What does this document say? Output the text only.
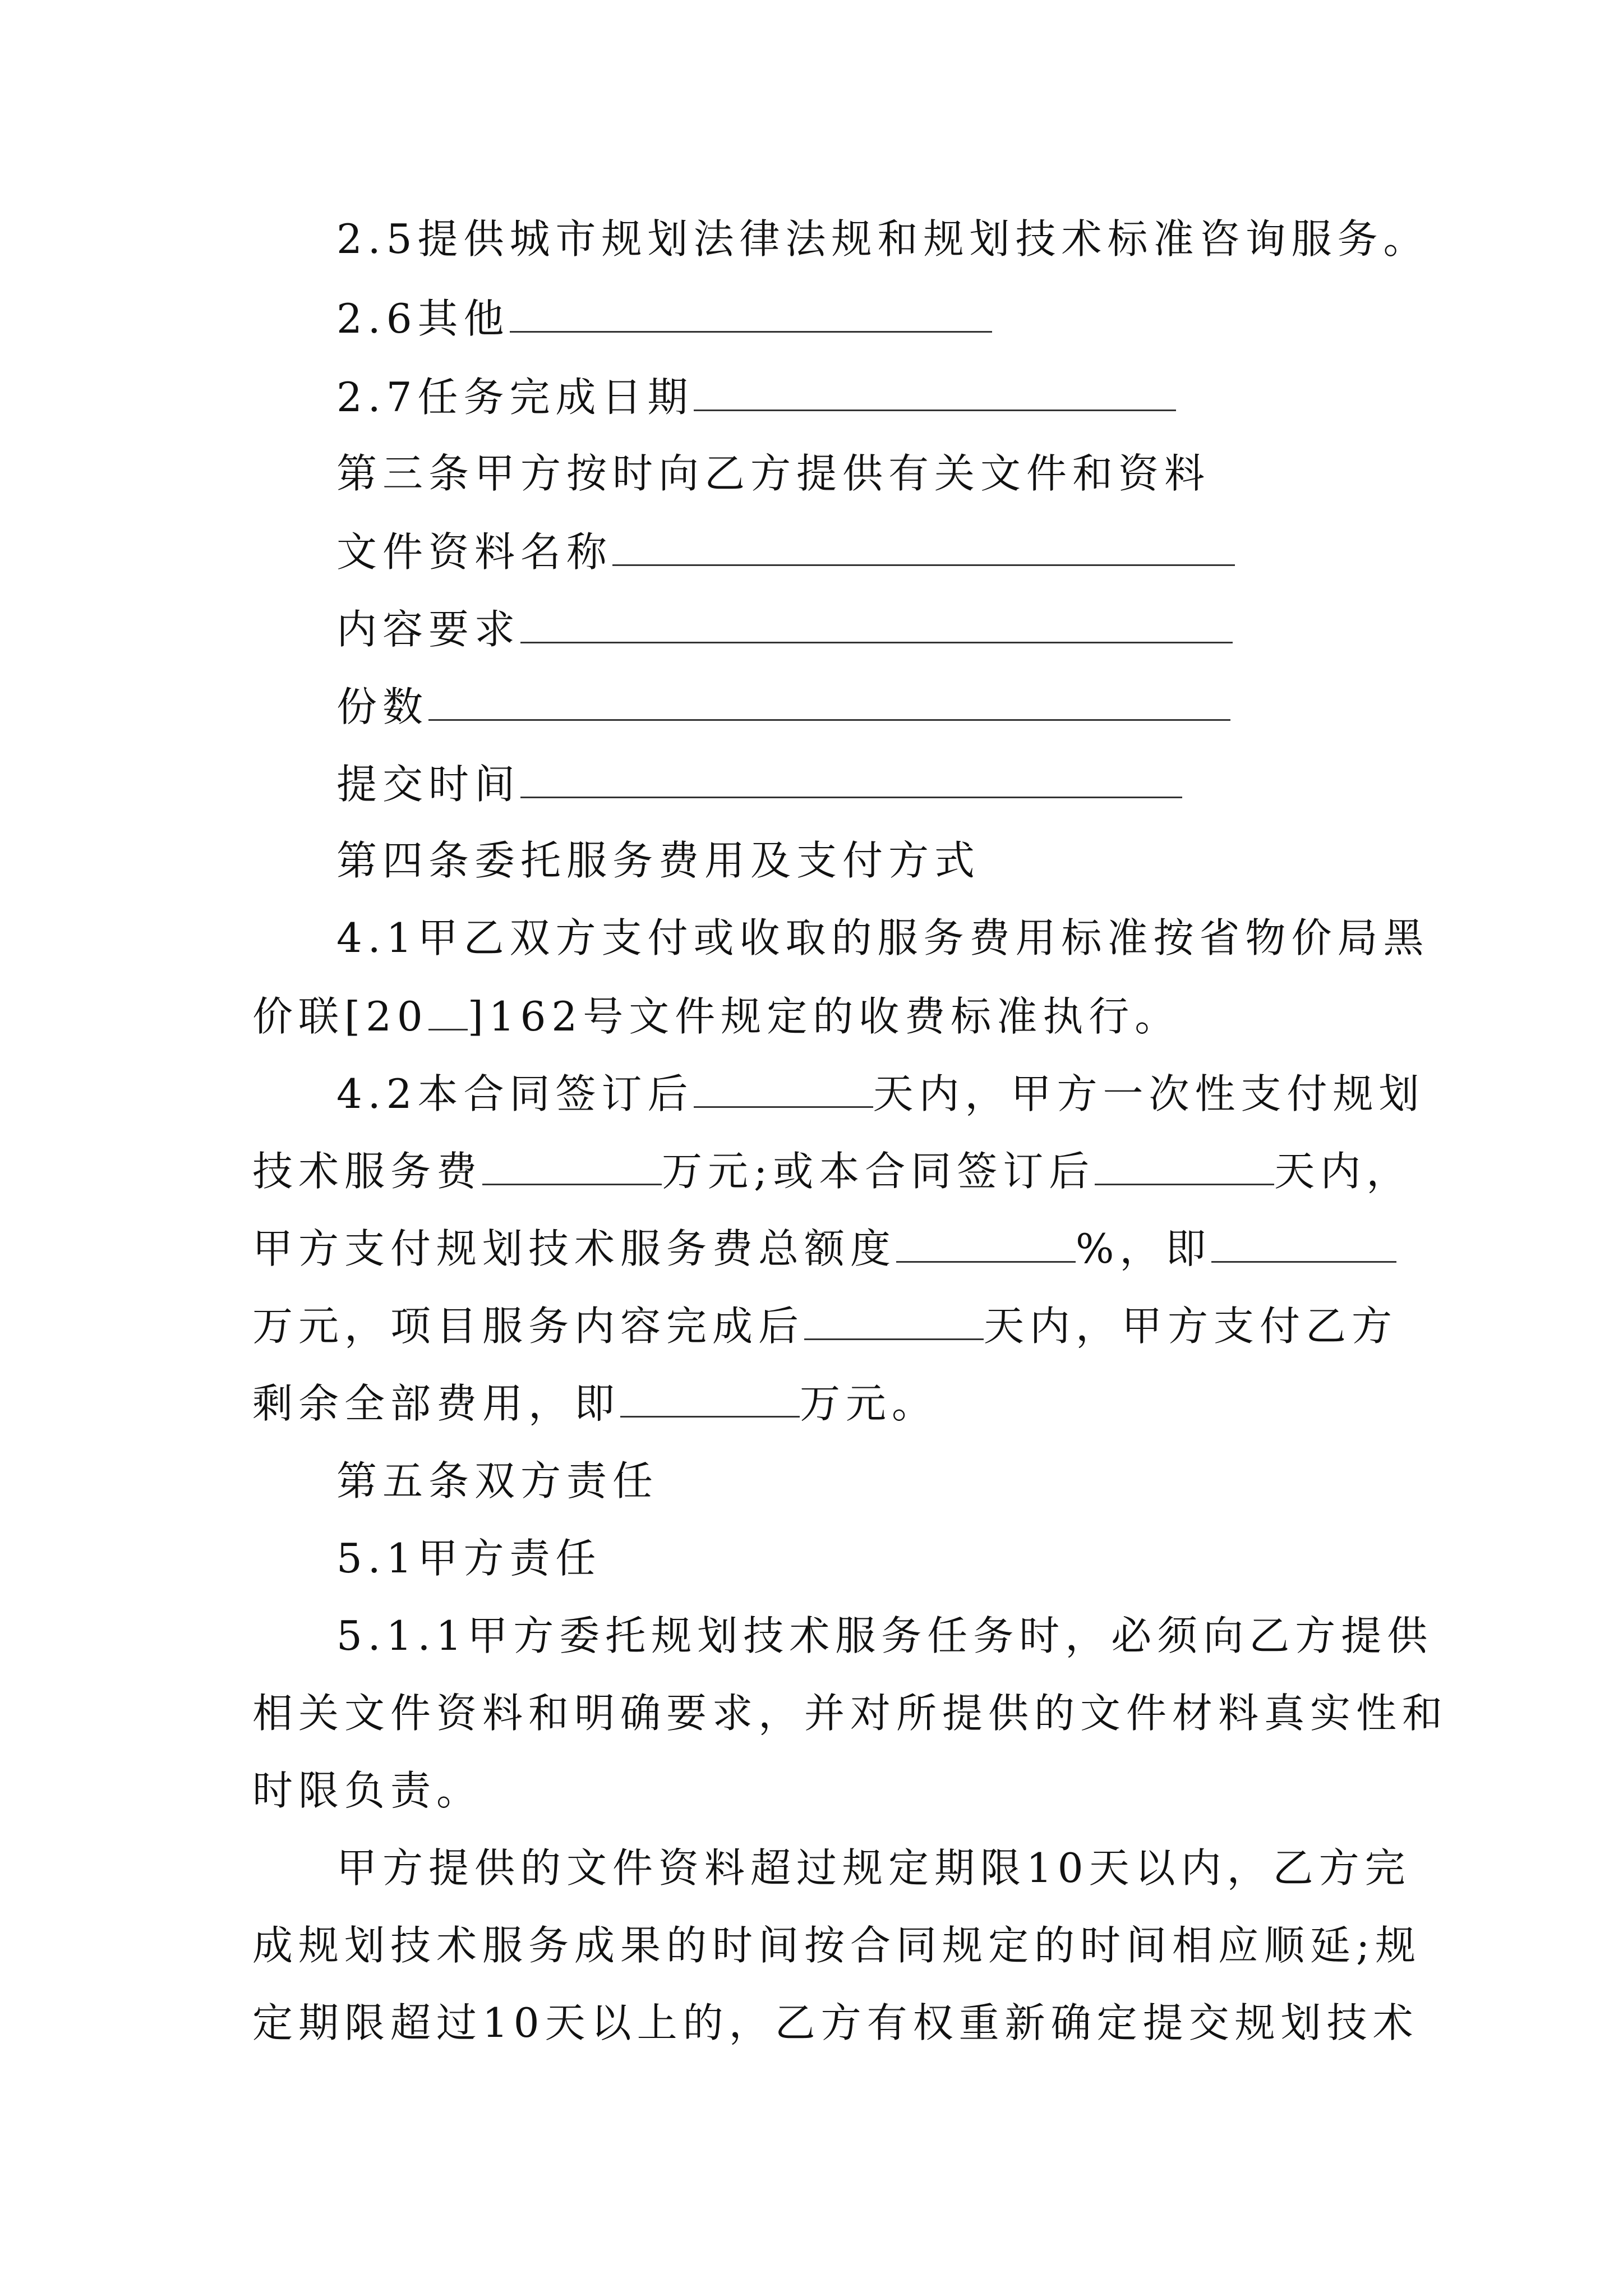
2.5提供城市规划法律法规和规划技术标准咨询服务。
2.6其他
2.7任务完成日期
第三条甲方按时向乙方提供有关文件和资料
文件资料名称
内容要求
份数
提交时间
第四条委托服务费用及支付方式
4.1甲乙双方支付或收取的服务费用标准按省物价局黑
价联[20 ]162号文件规定的收费标准执行。
4.2本合同签订后	天内，甲方一次性支付规划
技术服务费	万元;或本合同签订后	天内，
甲方支付规划技术服务费总额度	%，即
万元，项目服务内容完成后	天内，甲方支付乙方
剩余全部费用，即	万元。
第五条双方责任
5.1甲方责任
5.1.1甲方委托规划技术服务任务时，必须向乙方提供
相关文件资料和明确要求，并对所提供的文件材料真实性和
时限负责。
甲方提供的文件资料超过规定期限10天以内，乙方完
成规划技术服务成果的时间按合同规定的时间相应顺延;规
定期限超过10天以上的，乙方有权重新确定提交规划技术
